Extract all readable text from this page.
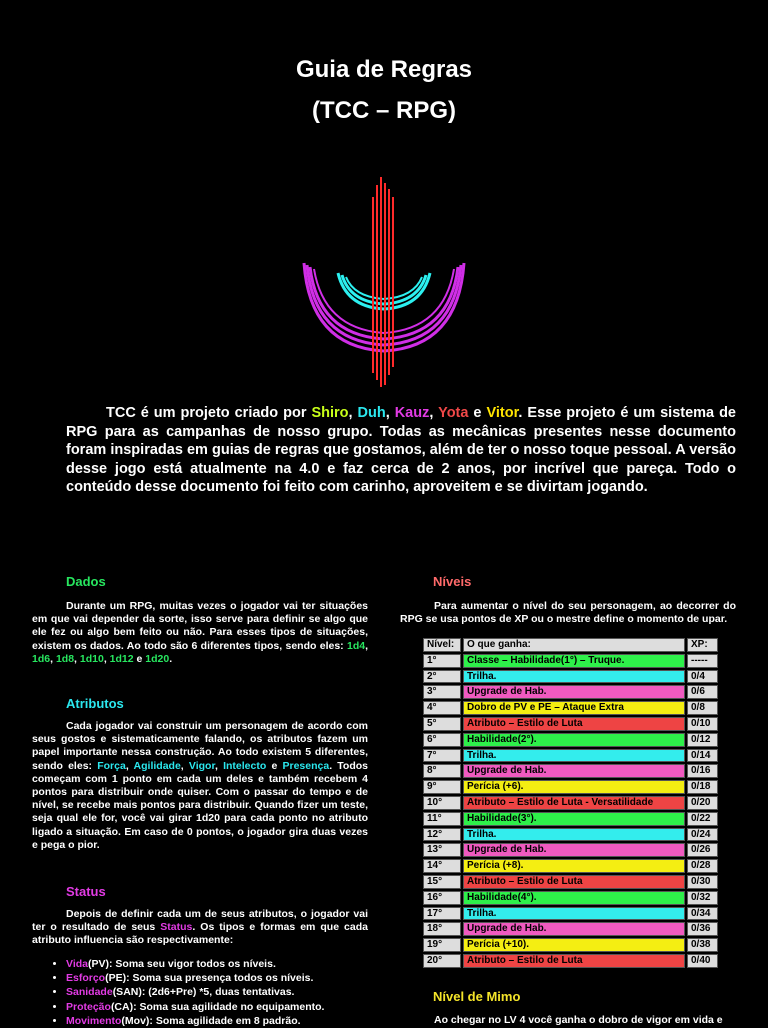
Guia de Regras
(TCC – RPG)
TCC é um projeto criado por Shiro, Duh, Kauz, Yota e Vitor. Esse projeto é um sistema de RPG para as campanhas de nosso grupo. Todas as mecânicas presentes nesse documento foram inspiradas em guias de regras que gostamos, além de ter o nosso toque pessoal. A versão desse jogo está atualmente na 4.0 e faz cerca de 2 anos, por incrível que pareça. Todo o conteúdo desse documento foi feito com carinho, aproveitem e se divirtam jogando.
Dados
Durante um RPG, muitas vezes o jogador vai ter situações em que vai depender da sorte, isso serve para definir se algo que ele fez ou algo bem feito ou não. Para esses tipos de situações, existem os dados. Ao todo são 6 diferentes tipos, sendo eles: 1d4, 1d6, 1d8, 1d10, 1d12 e 1d20.
Atributos
Cada jogador vai construir um personagem de acordo com seus gostos e sistematicamente falando, os atributos fazem um papel importante nessa construção. Ao todo existem 5 diferentes, sendo eles: Força, Agilidade, Vigor, Intelecto e Presença. Todos começam com 1 ponto em cada um deles e também recebem 4 pontos para distribuir onde quiser. Com o passar do tempo e de nível, se recebe mais pontos para distribuir. Quando fizer um teste, seja qual ele for, você vai girar 1d20 para cada ponto no atributo ligado a situação. Em caso de 0 pontos, o jogador gira duas vezes e pega o pior.
Status
Depois de definir cada um de seus atributos, o jogador vai ter o resultado de seus Status. Os tipos e formas em que cada atributo influencia são respectivamente:
• Vida(PV): Soma seu vigor todos os níveis.
• Esforço(PE): Soma sua presença todos os níveis.
• Sanidade(SAN): (2d6+Pre) *5, duas tentativas.
• Proteção(CA): Soma sua agilidade no equipamento.
• Movimento(Mov): Soma agilidade em 8 padrão.
Níveis
Para aumentar o nível do seu personagem, ao decorrer do RPG se usa pontos de XP ou o mestre define o momento de upar.
Nível:	O que ganha:	XP:
1°	Classe – Habilidade(1°) – Truque.	-----
2°	Trilha.	0/4
3°	Upgrade de Hab.	0/6
4°	Dobro de PV e PE – Ataque Extra	0/8
5°	Atributo – Estilo de Luta	0/10
6°	Habilidade(2°).	0/12
7°	Trilha.	0/14
8°	Upgrade de Hab.	0/16
9°	Perícia (+6).	0/18
10°	Atributo – Estilo de Luta - Versatilidade	0/20
11°	Habilidade(3°).	0/22
12°	Trilha.	0/24
13°	Upgrade de Hab.	0/26
14°	Perícia (+8).	0/28
15°	Atributo – Estilo de Luta	0/30
16°	Habilidade(4°).	0/32
17°	Trilha.	0/34
18°	Upgrade de Hab.	0/36
19°	Perícia (+10).	0/38
20°	Atributo – Estilo de Luta	0/40
Nível de Mimo
Ao chegar no LV 4 você ganha o dobro de vigor em vida e
